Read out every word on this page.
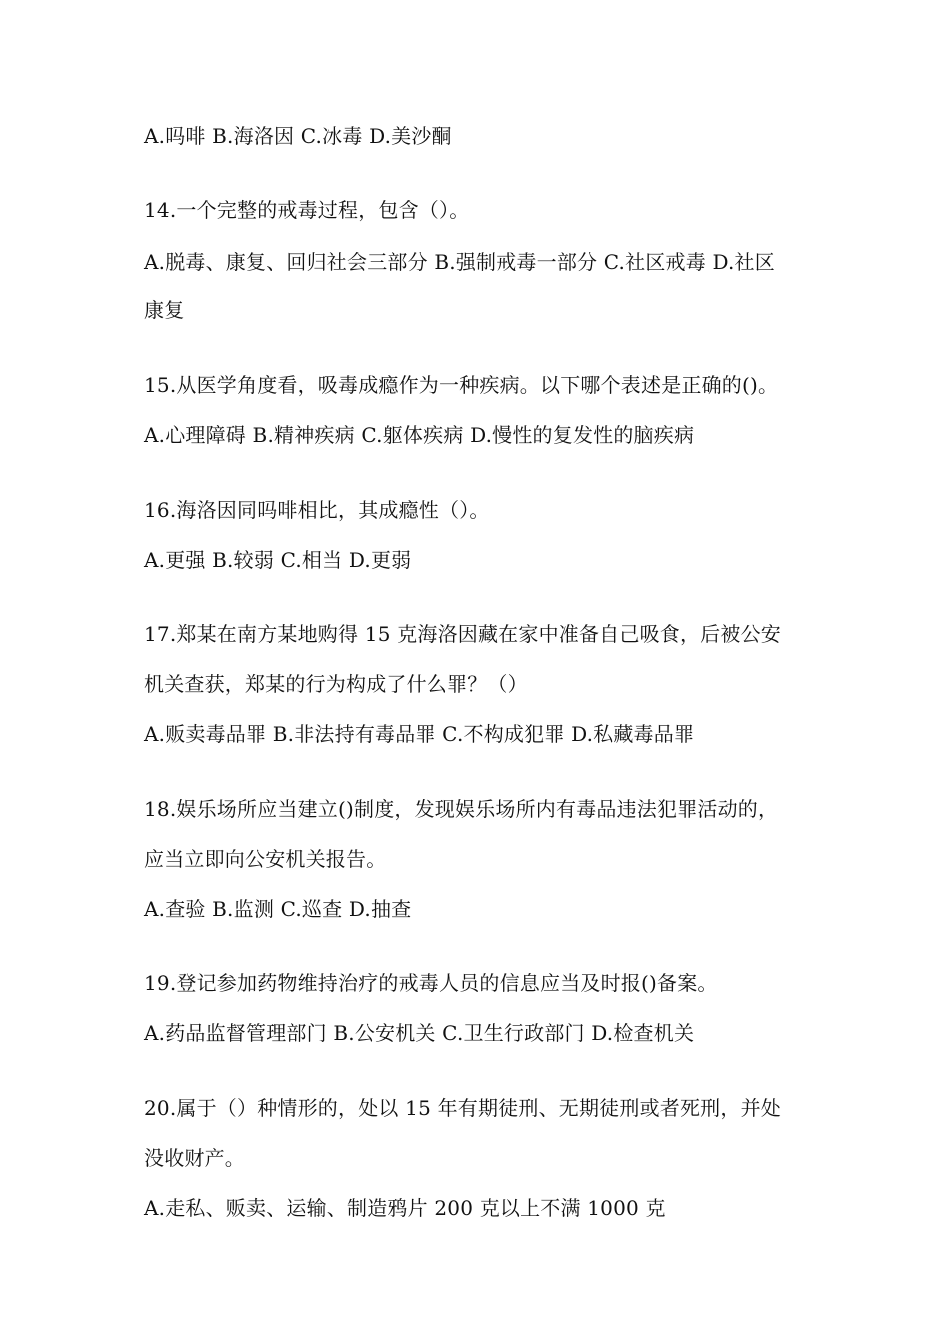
A.吗啡 B.海洛因 C.冰毒 D.美沙酮
14.一个完整的戒毒过程，包含（）。
A.脱毒、康复、回归社会三部分 B.强制戒毒一部分 C.社区戒毒 D.社区
康复
15.从医学角度看，吸毒成瘾作为一种疾病。以下哪个表述是正确的()。
A.心理障碍 B.精神疾病 C.躯体疾病 D.慢性的复发性的脑疾病
16.海洛因同吗啡相比，其成瘾性（）。
A.更强 B.较弱 C.相当 D.更弱
17.郑某在南方某地购得 15 克海洛因藏在家中准备自己吸食，后被公安
机关查获，郑某的行为构成了什么罪？（）
A.贩卖毒品罪 B.非法持有毒品罪 C.不构成犯罪 D.私藏毒品罪
18.娱乐场所应当建立()制度，发现娱乐场所内有毒品违法犯罪活动的，
应当立即向公安机关报告。
A.查验 B.监测 C.巡查 D.抽查
19.登记参加药物维持治疗的戒毒人员的信息应当及时报()备案。
A.药品监督管理部门 B.公安机关 C.卫生行政部门 D.检查机关
20.属于（）种情形的，处以 15 年有期徒刑、无期徒刑或者死刑，并处
没收财产。
A.走私、贩卖、运输、制造鸦片 200 克以上不满 1000 克
